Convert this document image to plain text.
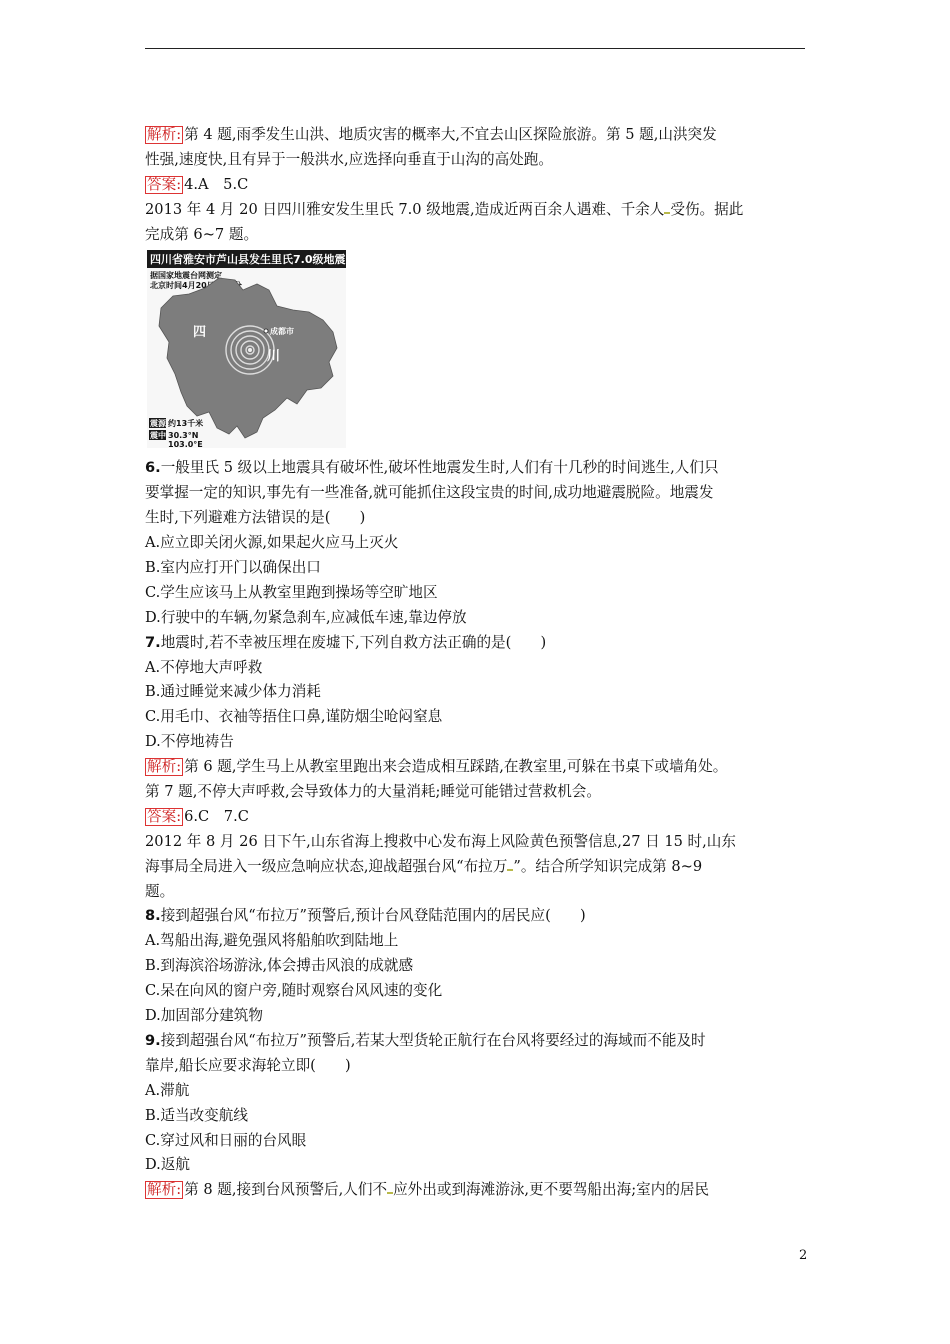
解析: 第 4 题,雨季发生山洪、地质灾害的概率大,不宜去山区探险旅游。第 5 题,山洪突发
性强,速度快,且有异于一般洪水,应选择向垂直于山沟的高处跑。
答案: 4.A　5.C
2013 年 4 月 20 日四川雅安发生里氏 7.0 级地震,造成近两百余人遇难、千余人 受伤。据此
完成第 6~7 题。
四川省雅安市芦山县发生里氏7.0级地震
据国家地震台网测定
北京时间4月20日8时2分
成都市
四
川
震源 约13千米
震中 30.3°N
103.0°E
6.一般里氏 5 级以上地震具有破坏性,破坏性地震发生时,人们有十几秒的时间逃生,人们只
要掌握一定的知识,事先有一些准备,就可能抓住这段宝贵的时间,成功地避震脱险。地震发
生时,下列避难方法错误的是(　　)
A.应立即关闭火源,如果起火应马上灭火
B.室内应打开门以确保出口
C.学生应该马上从教室里跑到操场等空旷地区
D.行驶中的车辆,勿紧急刹车,应减低车速,靠边停放
7.地震时,若不幸被压埋在废墟下,下列自救方法正确的是(　　)
A.不停地大声呼救
B.通过睡觉来减少体力消耗
C.用毛巾、衣袖等捂住口鼻,谨防烟尘呛闷窒息
D.不停地祷告
解析: 第 6 题,学生马上从教室里跑出来会造成相互踩踏,在教室里,可躲在书桌下或墙角处。
第 7 题,不停大声呼救,会导致体力的大量消耗;睡觉可能错过营救机会。
答案: 6.C　7.C
2012 年 8 月 26 日下午,山东省海上搜救中心发布海上风险黄色预警信息,27 日 15 时,山东
海事局全局进入一级应急响应状态,迎战超强台风“布拉万 ”。结合所学知识完成第 8~9
题。
8.接到超强台风“布拉万”预警后,预计台风登陆范围内的居民应(　　)
A.驾船出海,避免强风将船舶吹到陆地上
B.到海滨浴场游泳,体会搏击风浪的成就感
C.呆在向风的窗户旁,随时观察台风风速的变化
D.加固部分建筑物
9.接到超强台风“布拉万”预警后,若某大型货轮正航行在台风将要经过的海域而不能及时
靠岸,船长应要求海轮立即(　　)
A.滞航
B.适当改变航线
C.穿过风和日丽的台风眼
D.返航
解析: 第 8 题,接到台风预警后,人们不 应外出或到海滩游泳,更不要驾船出海;室内的居民
2
